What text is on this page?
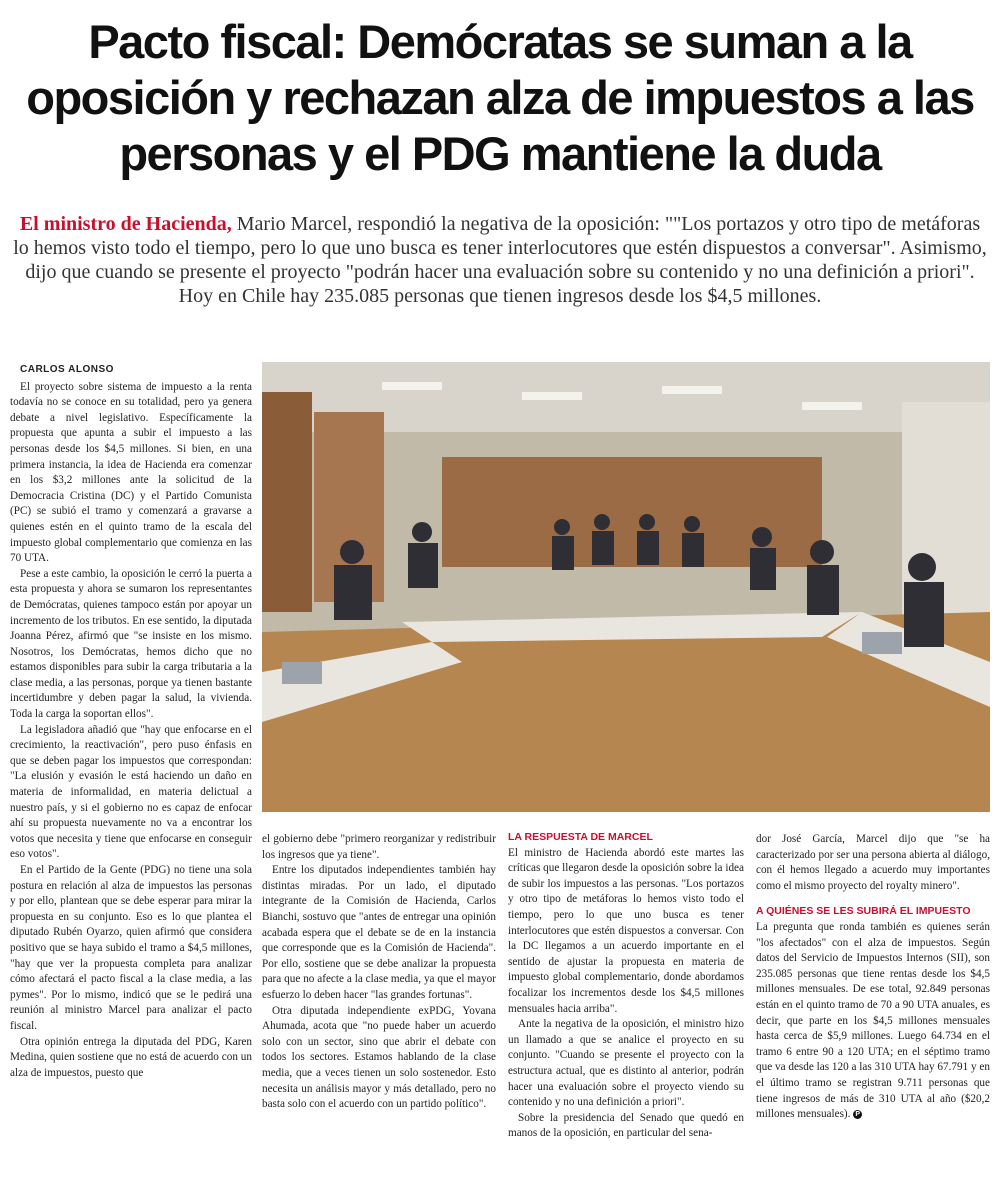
Pacto fiscal: Demócratas se suman a la oposición y rechazan alza de impuestos a las personas y el PDG mantiene la duda
El ministro de Hacienda, Mario Marcel, respondió la negativa de la oposición: ""Los portazos y otro tipo de metáforas lo hemos visto todo el tiempo, pero lo que uno busca es tener interlocutores que estén dispuestos a conversar". Asimismo, dijo que cuando se presente el proyecto "podrán hacer una evaluación sobre su contenido y no una definición a priori". Hoy en Chile hay 235.085 personas que tienen ingresos desde los $4,5 millones.

CARLOS ALONSO

El proyecto sobre sistema de impuesto a la renta todavía no se conoce en su totalidad, pero ya genera debate a nivel legislativo. Específicamente la propuesta que apunta a subir el impuesto a las personas desde los $4,5 millones. Si bien, en una primera instancia, la idea de Hacienda era comenzar en los $3,2 millones ante la solicitud de la Democracia Cristina (DC) y el Partido Comunista (PC) se subió el tramo y comenzará a gravarse a quienes estén en el quinto tramo de la escala del impuesto global complementario que comienza en las 70 UTA.

Pese a este cambio, la oposición le cerró la puerta a esta propuesta y ahora se sumaron los representantes de Demócratas, quienes tampoco están por apoyar un incremento de los tributos. En ese sentido, la diputada Joanna Pérez, afirmó que "se insiste en los mismo. Nosotros, los Demócratas, hemos dicho que no estamos disponibles para subir la carga tributaria a la clase media, a las personas, porque ya tienen bastante incertidumbre y deben pagar la salud, la vivienda. Toda la carga la soportan ellos".

La legisladora añadió que "hay que enfocarse en el crecimiento, la reactivación", pero puso énfasis en que se deben pagar los impuestos que correspondan: "La elusión y evasión le está haciendo un daño en materia de informalidad, en materia delictual a nuestro país, y si el gobierno no es capaz de enfocar ahí su propuesta nuevamente no va a encontrar los votos que necesita y tiene que enfocarse en conseguir eso votos".

En el Partido de la Gente (PDG) no tiene una sola postura en relación al alza de impuestos las personas y por ello, plantean que se debe esperar para mirar la propuesta en su conjunto. Eso es lo que plantea el diputado Rubén Oyarzo, quien afirmó que considera positivo que se haya subido el tramo a $4,5 millones, "hay que ver la propuesta completa para analizar cómo afectará el pacto fiscal a la clase media, a las pymes". Por lo mismo, indicó que se le pedirá una reunión al ministro Marcel para analizar el pacto fiscal.

Otra opinión entrega la diputada del PDG, Karen Medina, quien sostiene que no está de acuerdo con un alza de impuestos, puesto que

el gobierno debe "primero reorganizar y redistribuir los ingresos que ya tiene".

Entre los diputados independientes también hay distintas miradas. Por un lado, el diputado integrante de la Comisión de Hacienda, Carlos Bianchi, sostuvo que "antes de entregar una opinión acabada espera que el debate se de en la instancia que corresponde que es la Comisión de Hacienda". Por ello, sostiene que se debe analizar la propuesta para que no afecte a la clase media, ya que el mayor esfuerzo lo deben hacer "las grandes fortunas".

Otra diputada independiente exPDG, Yovana Ahumada, acota que "no puede haber un acuerdo solo con un sector, sino que abrir el debate con todos los sectores. Estamos hablando de la clase media, que a veces tienen un solo sostenedor. Esto necesita un análisis mayor y más detallado, pero no basta solo con el acuerdo con un partido político".

LA RESPUESTA DE MARCEL

El ministro de Hacienda abordó este martes las críticas que llegaron desde la oposición sobre la idea de subir los impuestos a las personas. "Los portazos y otro tipo de metáforas lo hemos visto todo el tiempo, pero lo que uno busca es tener interlocutores que estén dispuestos a conversar. Con la DC llegamos a un acuerdo importante en el sentido de ajustar la propuesta en materia de impuesto global complementario, donde abordamos focalizar los incrementos desde los $4,5 millones mensuales hacia arriba".

Ante la negativa de la oposición, el ministro hizo un llamado a que se analice el proyecto en su conjunto. "Cuando se presente el proyecto con la estructura actual, que es distinto al anterior, podrán hacer una evaluación sobre el proyecto viendo su contenido y no una definición a priori".

Sobre la presidencia del Senado que quedó en manos de la oposición, en particular del sena-

dor José García, Marcel dijo que "se ha caracterizado por ser una persona abierta al diálogo, con él hemos llegado a acuerdo muy importantes como el mismo proyecto del royalty minero".

A QUIÉNES SE LES SUBIRÁ EL IMPUESTO

La pregunta que ronda también es quienes serán "los afectados" con el alza de impuestos. Según datos del Servicio de Impuestos Internos (SII), son 235.085 personas que tiene rentas desde los $4,5 millones mensuales. De ese total, 92.849 personas están en el quinto tramo de 70 a 90 UTA anuales, es decir, que parte en los $4,5 millones mensuales hasta cerca de $5,9 millones. Luego 64.734 en el tramo 6 entre 90 a 120 UTA; en el séptimo tramo que va desde las 120 a las 310 UTA hay 67.791 y en el último tramo se registran 9.711 personas que tiene ingresos de más de 310 UTA al año ($20,2 millones mensuales). P
